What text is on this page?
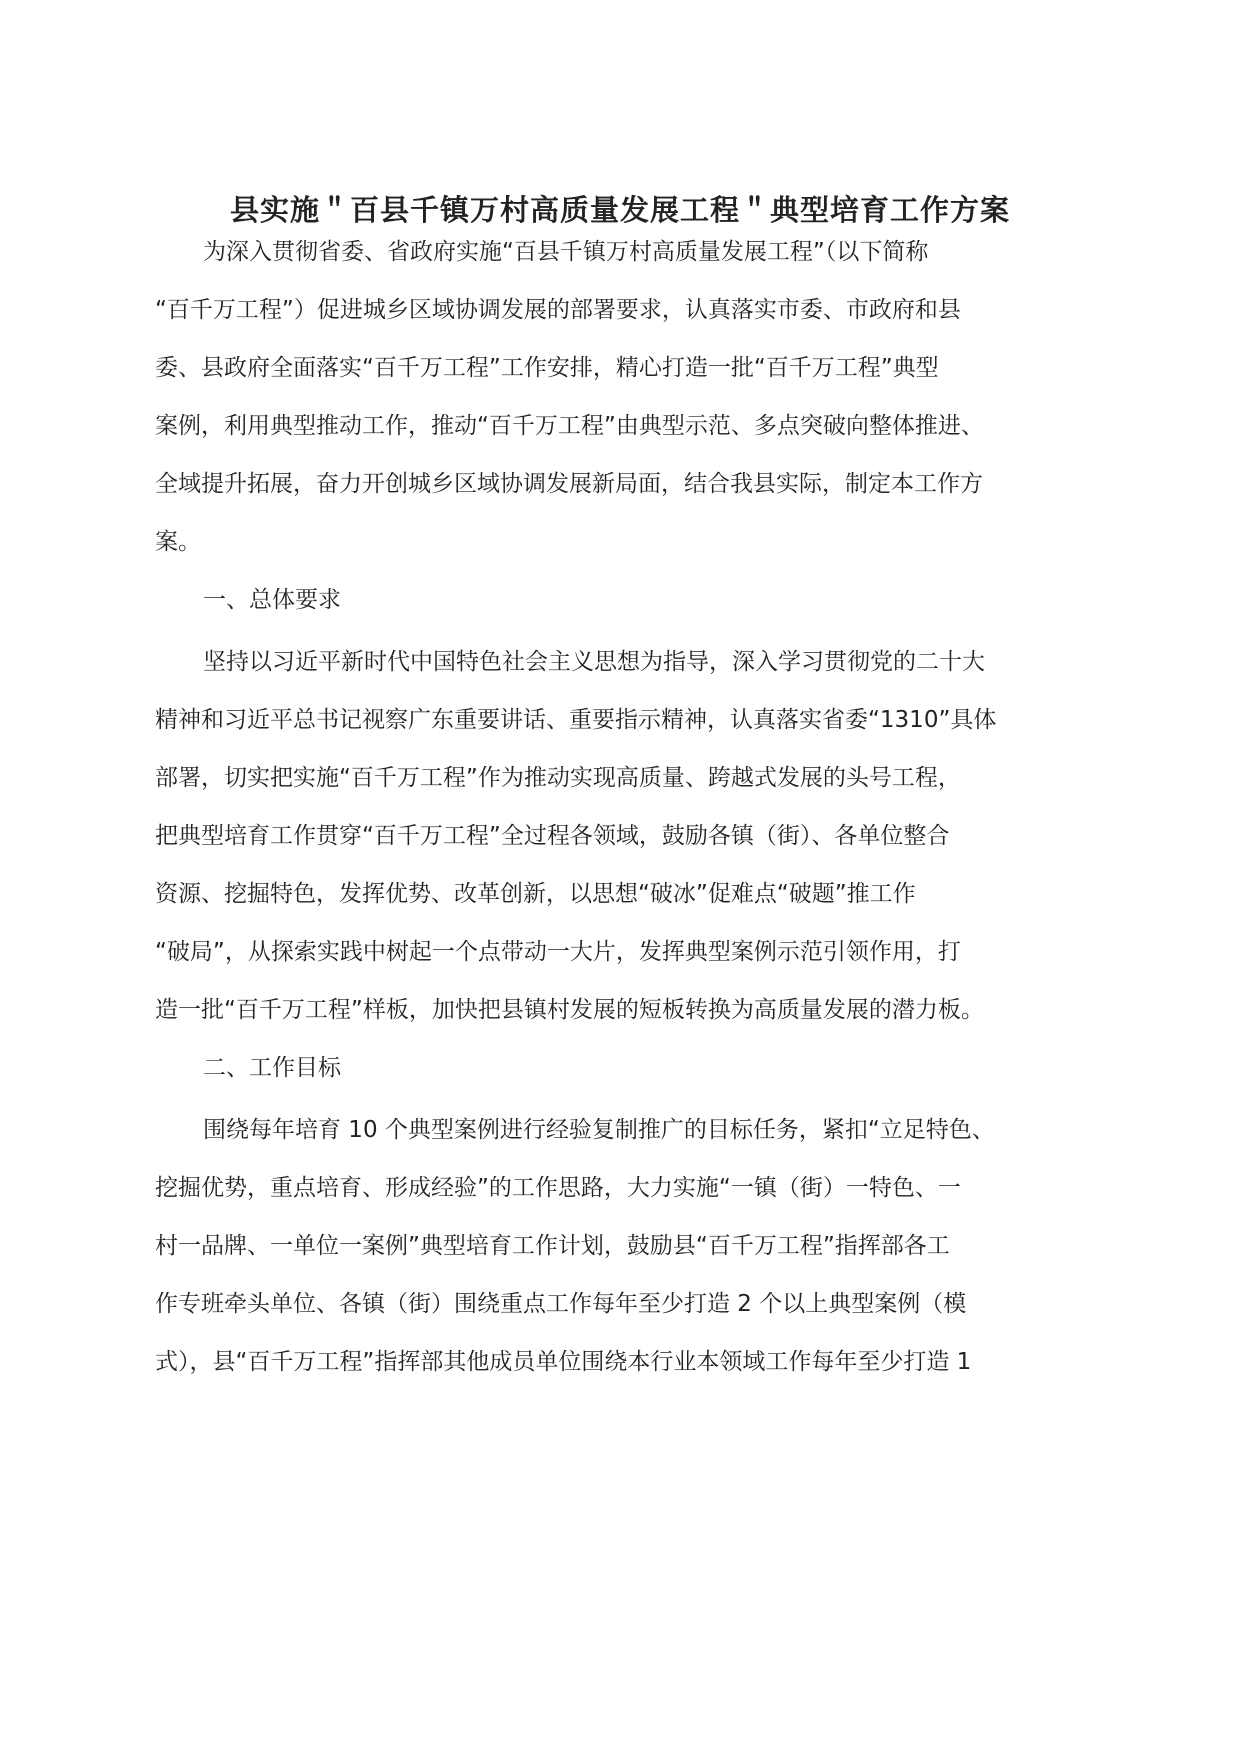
县实施＂百县千镇万村高质量发展工程＂典型培育工作方案
为深入贯彻省委、省政府实施“百县千镇万村高质量发展工程”（以下简称
“百千万工程”）促进城乡区域协调发展的部署要求，认真落实市委、市政府和县
委、县政府全面落实“百千万工程”工作安排，精心打造一批“百千万工程”典型
案例，利用典型推动工作，推动“百千万工程”由典型示范、多点突破向整体推进、
全域提升拓展，奋力开创城乡区域协调发展新局面，结合我县实际，制定本工作方
案。
一、总体要求
坚持以习近平新时代中国特色社会主义思想为指导，深入学习贯彻党的二十大
精神和习近平总书记视察广东重要讲话、重要指示精神，认真落实省委“1310”具体
部署，切实把实施“百千万工程”作为推动实现高质量、跨越式发展的头号工程，
把典型培育工作贯穿“百千万工程”全过程各领域，鼓励各镇（街）、各单位整合
资源、挖掘特色，发挥优势、改革创新，以思想“破冰”促难点“破题”推工作
“破局”，从探索实践中树起一个点带动一大片，发挥典型案例示范引领作用，打
造一批“百千万工程”样板，加快把县镇村发展的短板转换为高质量发展的潜力板。
二、工作目标
围绕每年培育 10 个典型案例进行经验复制推广的目标任务，紧扣“立足特色、
挖掘优势，重点培育、形成经验”的工作思路，大力实施“一镇（街）一特色、一
村一品牌、一单位一案例”典型培育工作计划，鼓励县“百千万工程”指挥部各工
作专班牵头单位、各镇（街）围绕重点工作每年至少打造 2 个以上典型案例（模
式），县“百千万工程”指挥部其他成员单位围绕本行业本领域工作每年至少打造 1
